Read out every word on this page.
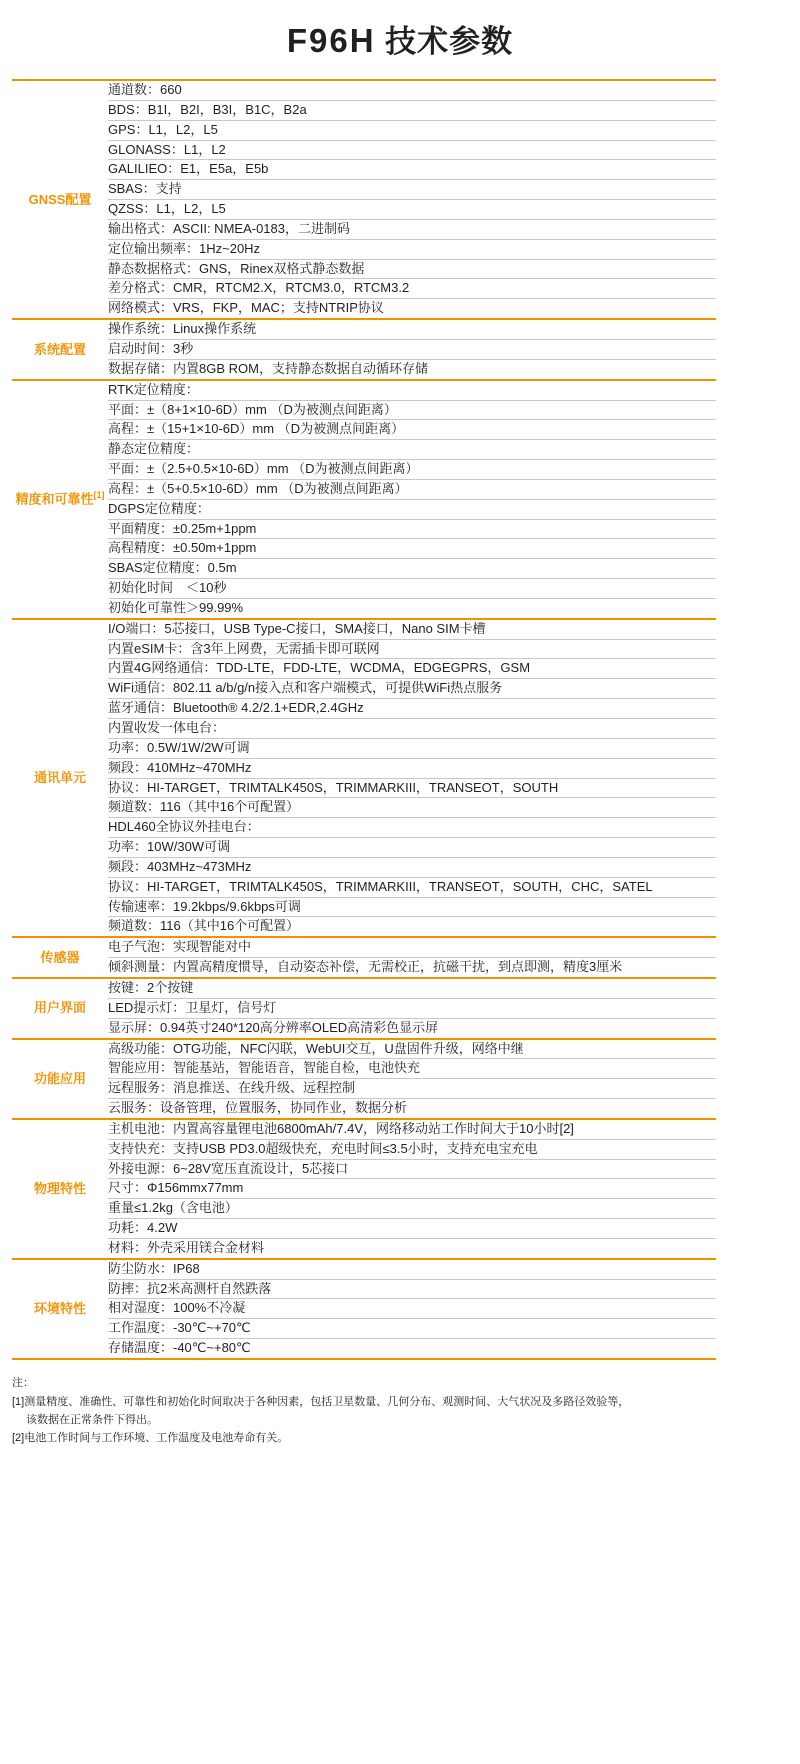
F96H 技术参数
GNSS配置	通道数：660
	BDS：B1I，B2I，B3I，B1C，B2a
	GPS：L1，L2，L5
	GLONASS：L1，L2
	GALILIEO：E1，E5a，E5b
	SBAS：支持
	QZSS：L1，L2，L5
	输出格式：ASCII: NMEA-0183，二进制码
	定位输出频率：1Hz~20Hz
	静态数据格式：GNS，Rinex双格式静态数据
	差分格式：CMR，RTCM2.X，RTCM3.0，RTCM3.2
	网络模式：VRS，FKP，MAC；支持NTRIP协议
系统配置	操作系统：Linux操作系统
	启动时间：3秒
	数据存储：内置8GB ROM，支持静态数据自动循环存储
精度和可靠性[1]	RTK定位精度：
	平面：±（8+1×10-6D）mm （D为被测点间距离）
	高程：±（15+1×10-6D）mm （D为被测点间距离）
	静态定位精度：
	平面：±（2.5+0.5×10-6D）mm （D为被测点间距离）
	高程：±（5+0.5×10-6D）mm （D为被测点间距离）
	DGPS定位精度：
	平面精度：±0.25m+1ppm
	高程精度：±0.50m+1ppm
	SBAS定位精度：0.5m
	初始化时间　＜10秒
	初始化可靠性＞99.99%
通讯单元	I/O端口：5芯接口，USB Type-C接口，SMA接口，Nano SIM卡槽
	内置eSIM卡：含3年上网费，无需插卡即可联网
	内置4G网络通信：TDD-LTE，FDD-LTE，WCDMA，EDGEGPRS，GSM
	WiFi通信：802.11 a/b/g/n接入点和客户端模式，可提供WiFi热点服务
	蓝牙通信：Bluetooth® 4.2/2.1+EDR,2.4GHz
	内置收发一体电台：
	功率：0.5W/1W/2W可调
	频段：410MHz~470MHz
	协议：HI-TARGET，TRIMTALK450S，TRIMMARKIII，TRANSEOT，SOUTH
	频道数：116（其中16个可配置）
	HDL460全协议外挂电台：
	功率：10W/30W可调
	频段：403MHz~473MHz
	协议：HI-TARGET，TRIMTALK450S，TRIMMARKIII，TRANSEOT，SOUTH，CHC，SATEL
	传输速率：19.2kbps/9.6kbps可调
	频道数：116（其中16个可配置）
传感器	电子气泡：实现智能对中
	倾斜测量：内置高精度惯导，自动姿态补偿，无需校正，抗磁干扰，到点即测，精度3厘米
用户界面	按键：2个按键
	LED提示灯：卫星灯，信号灯
	显示屏：0.94英寸240*120高分辨率OLED高清彩色显示屏
功能应用	高级功能：OTG功能，NFC闪联，WebUI交互，U盘固件升级，网络中继
	智能应用：智能基站，智能语音，智能自检，电池快充
	远程服务：消息推送、在线升级、远程控制
	云服务：设备管理，位置服务，协同作业，数据分析
物理特性	主机电池：内置高容量锂电池6800mAh/7.4V，网络移动站工作时间大于10小时[2]
	支持快充：支持USB PD3.0超级快充，充电时间≤3.5小时，支持充电宝充电
	外接电源：6~28V宽压直流设计，5芯接口
	尺寸：Φ156mmx77mm
	重量≤1.2kg（含电池）
	功耗：4.2W
	材料：外壳采用镁合金材料
环境特性	防尘防水：IP68
	防摔：抗2米高测杆自然跌落
	相对湿度：100%不冷凝
	工作温度：-30℃~+70℃
	存储温度：-40℃~+80℃
注：
[1]测量精度、准确性、可靠性和初始化时间取决于各种因素，包括卫星数量、几何分布、观测时间、大气状况及多路径效验等，
该数据在正常条件下得出。
[2]电池工作时间与工作环境、工作温度及电池寿命有关。
